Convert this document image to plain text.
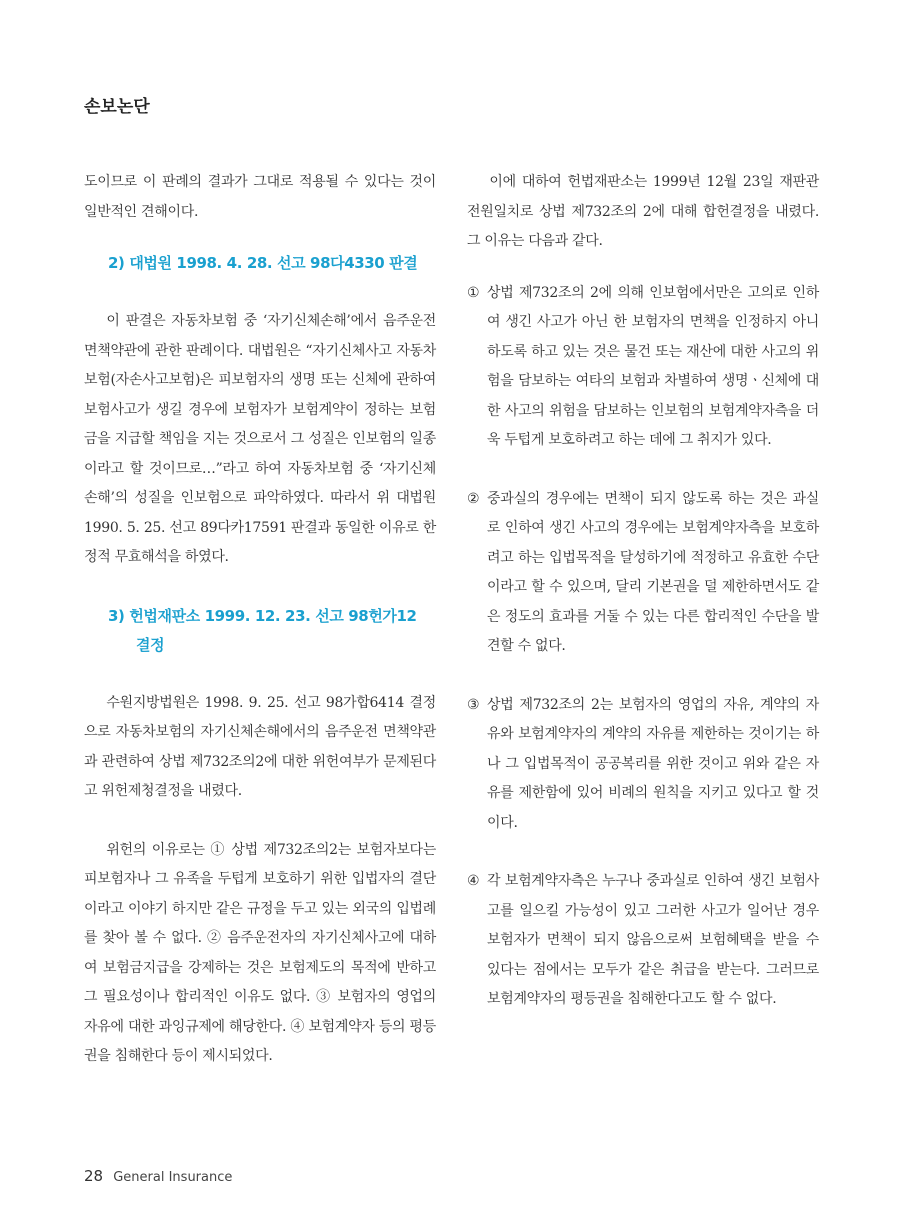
손보논단

도이므로 이 판례의 결과가 그대로 적용될 수 있다는 것이 일반적인 견해이다.

2) 대법원 1998. 4. 28. 선고 98다4330 판결

이 판결은 자동차보험 중 ‘자기신체손해’에서 음주운전 면책약관에 관한 판례이다. 대법원은 “자기신체사고 자동차보험(자손사고보험)은 피보험자의 생명 또는 신체에 관하여 보험사고가 생길 경우에 보험자가 보험계약이 정하는 보험금을 지급할 책임을 지는 것으로서 그 성질은 인보험의 일종이라고 할 것이므로…”라고 하여 자동차보험 중 ‘자기신체손해’의 성질을 인보험으로 파악하였다. 따라서 위 대법원 1990. 5. 25. 선고 89다카17591 판결과 동일한 이유로 한정적 무효해석을 하였다.

3) 헌법재판소 1999. 12. 23. 선고 98헌가12
결정

수원지방법원은 1998. 9. 25. 선고 98가합6414 결정으로 자동차보험의 자기신체손해에서의 음주운전 면책약관과 관련하여 상법 제732조의2에 대한 위헌여부가 문제된다고 위헌제청결정을 내렸다.

위헌의 이유로는 ① 상법 제732조의2는 보험자보다는 피보험자나 그 유족을 두텁게 보호하기 위한 입법자의 결단이라고 이야기 하지만 같은 규정을 두고 있는 외국의 입법례를 찾아 볼 수 없다. ② 음주운전자의 자기신체사고에 대하여 보험금지급을 강제하는 것은 보험제도의 목적에 반하고 그 필요성이나 합리적인 이유도 없다. ③ 보험자의 영업의 자유에 대한 과잉규제에 해당한다. ④ 보험계약자 등의 평등권을 침해한다 등이 제시되었다.

이에 대하여 헌법재판소는 1999년 12월 23일 재판관전원일치로 상법 제732조의 2에 대해 합헌결정을 내렸다. 그 이유는 다음과 같다.

① 상법 제732조의 2에 의해 인보험에서만은 고의로 인하여 생긴 사고가 아닌 한 보험자의 면책을 인정하지 아니하도록 하고 있는 것은 물건 또는 재산에 대한 사고의 위험을 담보하는 여타의 보험과 차별하여 생명ㆍ신체에 대한 사고의 위험을 담보하는 인보험의 보험계약자측을 더욱 두텁게 보호하려고 하는 데에 그 취지가 있다.
② 중과실의 경우에는 면책이 되지 않도록 하는 것은 과실로 인하여 생긴 사고의 경우에는 보험계약자측을 보호하려고 하는 입법목적을 달성하기에 적정하고 유효한 수단이라고 할 수 있으며, 달리 기본권을 덜 제한하면서도 같은 정도의 효과를 거둘 수 있는 다른 합리적인 수단을 발견할 수 없다.
③ 상법 제732조의 2는 보험자의 영업의 자유, 계약의 자유와 보험계약자의 계약의 자유를 제한하는 것이기는 하나 그 입법목적이 공공복리를 위한 것이고 위와 같은 자유를 제한함에 있어 비례의 원칙을 지키고 있다고 할 것이다.
④ 각 보험계약자측은 누구나 중과실로 인하여 생긴 보험사고를 일으킬 가능성이 있고 그러한 사고가 일어난 경우 보험자가 면책이 되지 않음으로써 보험혜택을 받을 수 있다는 점에서는 모두가 같은 취급을 받는다. 그러므로 보험계약자의 평등권을 침해한다고도 할 수 없다.
28 General Insurance
